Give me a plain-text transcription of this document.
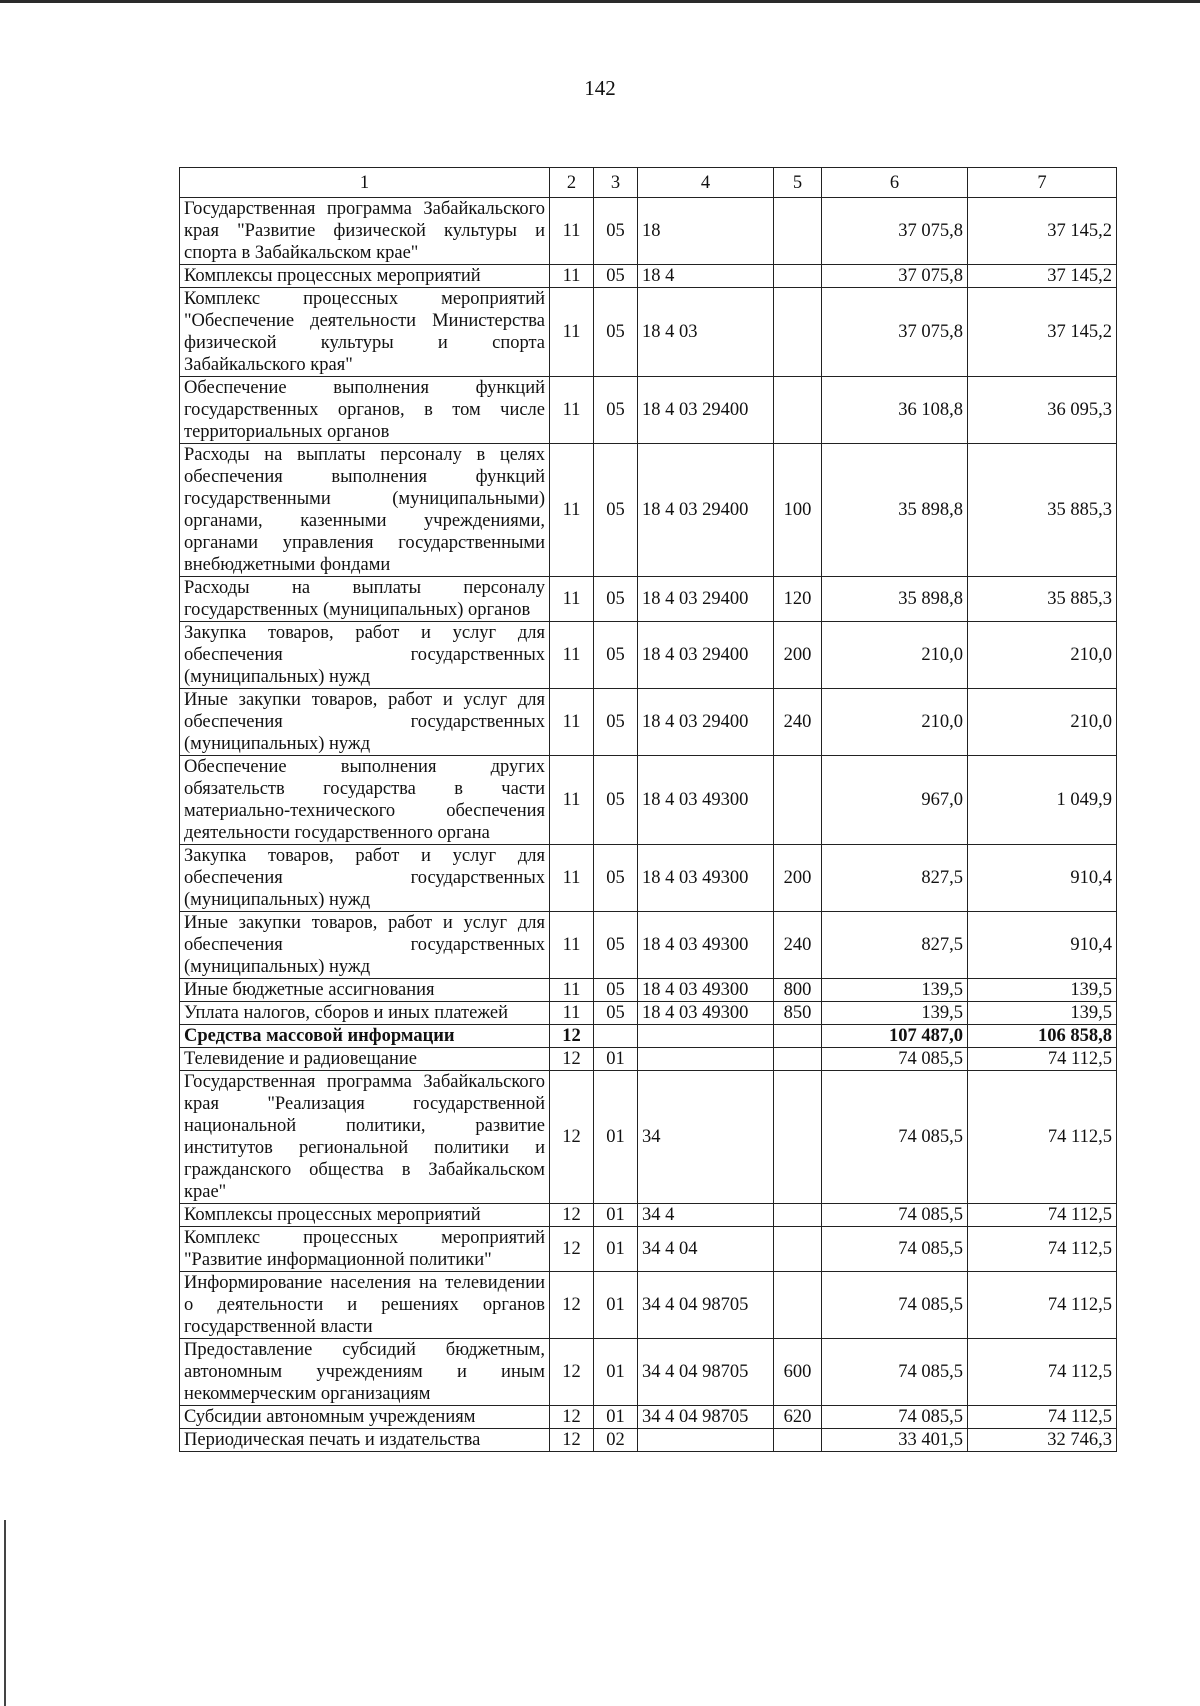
142
1	2	3	4	5	6	7
Государственная программа Забайкальского края "Развитие физической культуры и спорта в Забайкальском крае"	11	05	18		37 075,8	37 145,2
Комплексы процессных мероприятий	11	05	18 4		37 075,8	37 145,2
Комплекс процессных мероприятий "Обеспечение деятельности Министерства физической культуры и спорта Забайкальского края"	11	05	18 4 03		37 075,8	37 145,2
Обеспечение выполнения функций государственных органов, в том числе территориальных органов	11	05	18 4 03 29400		36 108,8	36 095,3
Расходы на выплаты персоналу в целях обеспечения выполнения функций государственными (муниципальными) органами, казенными учреждениями, органами управления государственными внебюджетными фондами	11	05	18 4 03 29400	100	35 898,8	35 885,3
Расходы на выплаты персоналу государственных (муниципальных) органов	11	05	18 4 03 29400	120	35 898,8	35 885,3
Закупка товаров, работ и услуг для обеспечения государственных (муниципальных) нужд	11	05	18 4 03 29400	200	210,0	210,0
Иные закупки товаров, работ и услуг для обеспечения государственных (муниципальных) нужд	11	05	18 4 03 29400	240	210,0	210,0
Обеспечение выполнения других обязательств государства в части материально-технического обеспечения деятельности государственного органа	11	05	18 4 03 49300		967,0	1 049,9
Закупка товаров, работ и услуг для обеспечения государственных (муниципальных) нужд	11	05	18 4 03 49300	200	827,5	910,4
Иные закупки товаров, работ и услуг для обеспечения государственных (муниципальных) нужд	11	05	18 4 03 49300	240	827,5	910,4
Иные бюджетные ассигнования	11	05	18 4 03 49300	800	139,5	139,5
Уплата налогов, сборов и иных платежей	11	05	18 4 03 49300	850	139,5	139,5
Средства массовой информации	12				107 487,0	106 858,8
Телевидение и радиовещание	12	01			74 085,5	74 112,5
Государственная программа Забайкальского края "Реализация государственной национальной политики, развитие институтов региональной политики и гражданского общества в Забайкальском крае"	12	01	34		74 085,5	74 112,5
Комплексы процессных мероприятий	12	01	34 4		74 085,5	74 112,5
Комплекс процессных мероприятий "Развитие информационной политики"	12	01	34 4 04		74 085,5	74 112,5
Информирование населения на телевидении о деятельности и решениях органов государственной власти	12	01	34 4 04 98705		74 085,5	74 112,5
Предоставление субсидий бюджетным, автономным учреждениям и иным некоммерческим организациям	12	01	34 4 04 98705	600	74 085,5	74 112,5
Субсидии автономным учреждениям	12	01	34 4 04 98705	620	74 085,5	74 112,5
Периодическая печать и издательства	12	02			33 401,5	32 746,3
